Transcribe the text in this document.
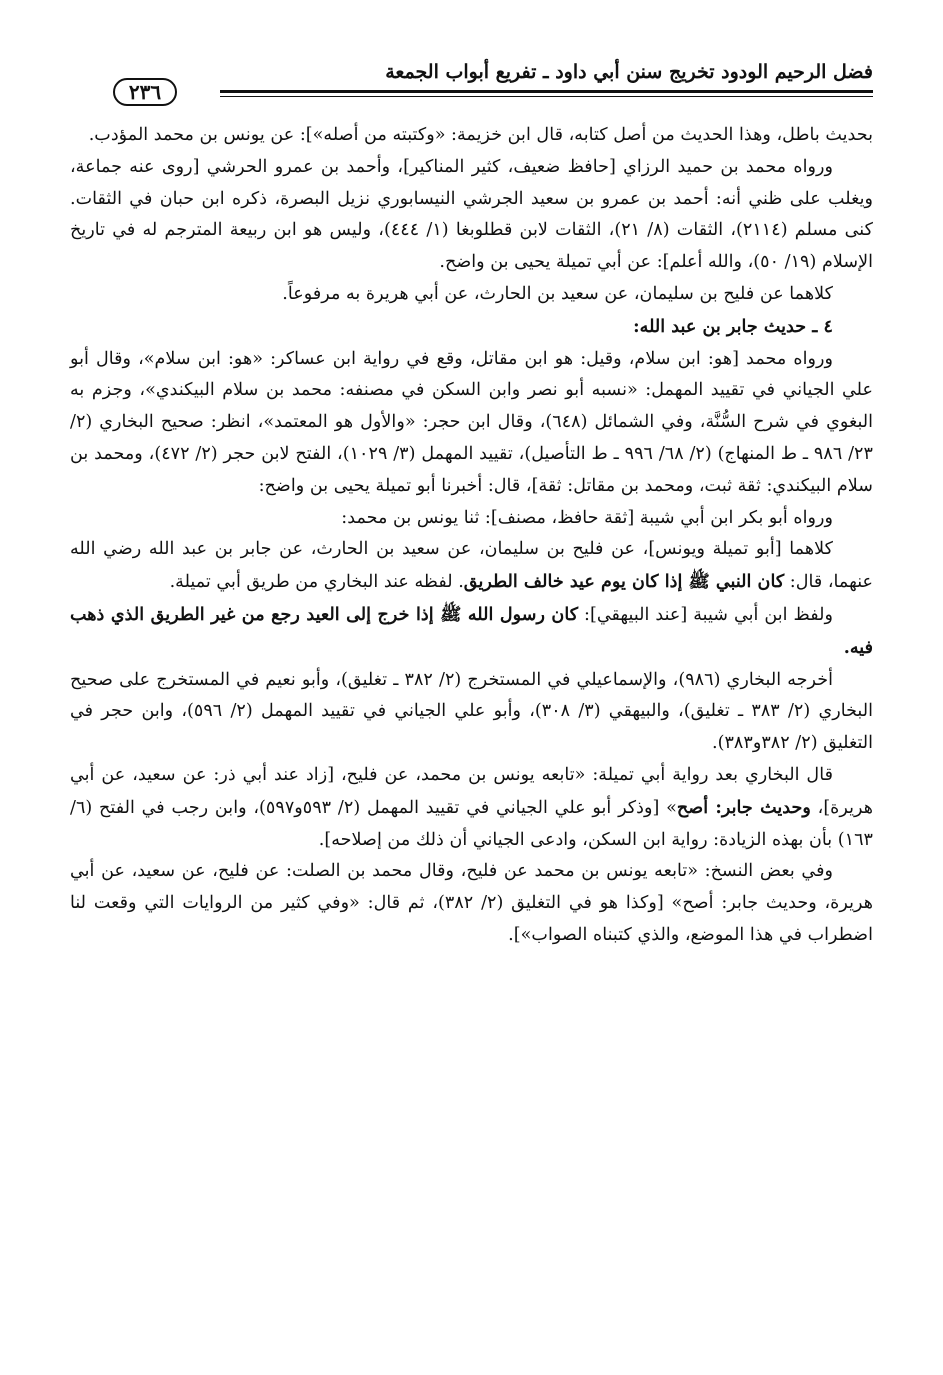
فضل الرحيم الودود تخريج سنن أبي داود ـ تفريع أبواب الجمعة
٢٣٦

بحديث باطل، وهذا الحديث من أصل كتابه، قال ابن خزيمة: «وكتبته من أصله»]: عن يونس بن محمد المؤدب.

ورواه محمد بن حميد الرزاي [حافظ ضعيف، كثير المناكير]، وأحمد بن عمرو الحرشي [روى عنه جماعة، ويغلب على ظني أنه: أحمد بن عمرو بن سعيد الجرشي النيسابوري نزيل البصرة، ذكره ابن حبان في الثقات. كنى مسلم (٢١١٤)، الثقات (٨/ ٢١)، الثقات لابن قطلوبغا (١/ ٤٤٤)، وليس هو ابن ربيعة المترجم له في تاريخ الإسلام (١٩/ ٥٠)، والله أعلم]: عن أبي تميلة يحيى بن واضح.

كلاهما عن فليح بن سليمان، عن سعيد بن الحارث، عن أبي هريرة به مرفوعاً.

٤ ـ حديث جابر بن عبد الله:

ورواه محمد [هو: ابن سلام، وقيل: هو ابن مقاتل، وقع في رواية ابن عساكر: «هو: ابن سلام»، وقال أبو علي الجياني في تقييد المهمل: «نسبه أبو نصر وابن السكن في مصنفه: محمد بن سلام البيكندي»، وجزم به البغوي في شرح السُّنَّة، وفي الشمائل (٦٤٨)، وقال ابن حجر: «والأول هو المعتمد»، انظر: صحيح البخاري (٢/ ٢٣/ ٩٨٦ ـ ط المنهاج) (٢/ ٦٨/ ٩٩٦ ـ ط التأصيل)، تقييد المهمل (٣/ ١٠٢٩)، الفتح لابن حجر (٢/ ٤٧٢)، ومحمد بن سلام البيكندي: ثقة ثبت، ومحمد بن مقاتل: ثقة]، قال: أخبرنا أبو تميلة يحيى بن واضح:

ورواه أبو بكر ابن أبي شيبة [ثقة حافظ، مصنف]: ثنا يونس بن محمد:

كلاهما [أبو تميلة ويونس]، عن فليح بن سليمان، عن سعيد بن الحارث، عن جابر بن عبد الله رضي الله عنهما، قال: كان النبي ﷺ إذا كان يوم عيد خالف الطريق. لفظه عند البخاري من طريق أبي تميلة.

ولفظ ابن أبي شيبة [عند البيهقي]: كان رسول الله ﷺ إذا خرج إلى العيد رجع من غير الطريق الذي ذهب فيه.

أخرجه البخاري (٩٨٦)، والإسماعيلي في المستخرج (٢/ ٣٨٢ ـ تغليق)، وأبو نعيم في المستخرج على صحيح البخاري (٢/ ٣٨٣ ـ تغليق)، والبيهقي (٣/ ٣٠٨)، وأبو علي الجياني في تقييد المهمل (٢/ ٥٩٦)، وابن حجر في التغليق (٢/ ٣٨٢و٣٨٣).

قال البخاري بعد رواية أبي تميلة: «تابعه يونس بن محمد، عن فليح، [زاد عند أبي ذر: عن سعيد، عن أبي هريرة]، وحديث جابر: أصح» [وذكر أبو علي الجياني في تقييد المهمل (٢/ ٥٩٣و٥٩٧)، وابن رجب في الفتح (٦/ ١٦٣) بأن بهذه الزيادة: رواية ابن السكن، وادعى الجياني أن ذلك من إصلاحه].

وفي بعض النسخ: «تابعه يونس بن محمد عن فليح، وقال محمد بن الصلت: عن فليح، عن سعيد، عن أبي هريرة، وحديث جابر: أصح» [وكذا هو في التغليق (٢/ ٣٨٢)، ثم قال: «وفي كثير من الروايات التي وقعت لنا اضطراب في هذا الموضع، والذي كتبناه الصواب»].
